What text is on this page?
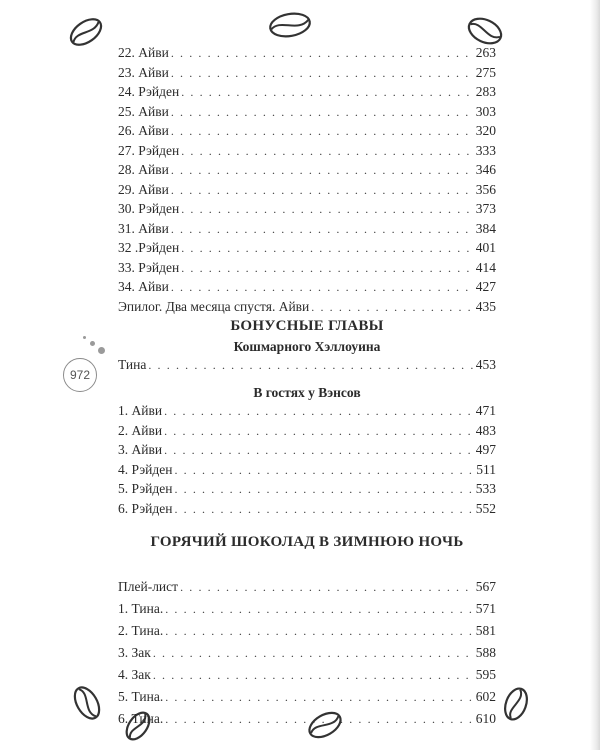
972
22. Айви . . .	263
23. Айви . . .	275
24. Рэйден . . .	283
25. Айви . . .	303
26. Айви . . .	320
27. Рэйден . . .	333
28. Айви . . .	346
29. Айви . . .	356
30. Рэйден . . .	373
31. Айви . . .	384
32 .Рэйден . . .	401
33. Рэйден . . .	414
34. Айви . . .	427
Эпилог. Два месяца спустя. Айви . . .	435
БОНУСНЫЕ ГЛАВЫ
Кошмарного Хэллоуина
Тина . . .	453
В гостях у Вэнсов
1. Айви . . .	471
2. Айви . . .	483
3. Айви . . .	497
4. Рэйден . . .	511
5. Рэйден . . .	533
6. Рэйден . . .	552
ГОРЯЧИЙ ШОКОЛАД В ЗИМНЮЮ НОЧЬ
Плей-лист . . .	567
1. Тина. . . .	571
2. Тина. . . .	581
3. Зак . . .	588
4. Зак . . .	595
5. Тина. . . .	602
6. Тина. . . .	610
